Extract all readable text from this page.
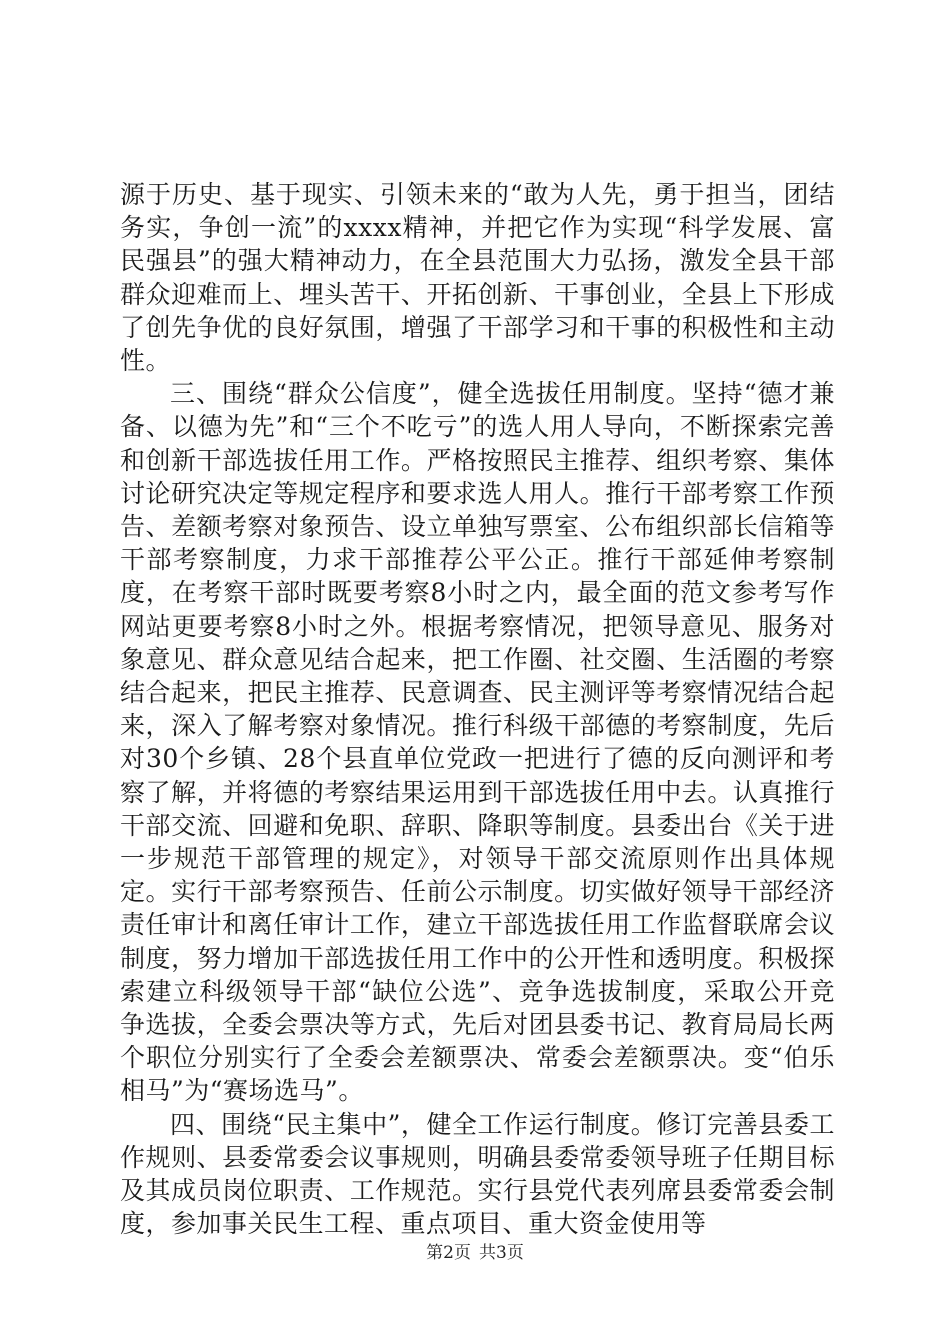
源于历史、基于现实、引领未来的“敢为人先，勇于担当，团结务实，争创一流”的xxxx精神，并把它作为实现“科学发展、富民强县”的强大精神动力，在全县范围大力弘扬，激发全县干部群众迎难而上、埋头苦干、开拓创新、干事创业，全县上下形成了创先争优的良好氛围，增强了干部学习和干事的积极性和主动性。

三、围绕“群众公信度”，健全选拔任用制度。坚持“德才兼备、以德为先”和“三个不吃亏”的选人用人导向，不断探索完善和创新干部选拔任用工作。严格按照民主推荐、组织考察、集体讨论研究决定等规定程序和要求选人用人。推行干部考察工作预告、差额考察对象预告、设立单独写票室、公布组织部长信箱等干部考察制度，力求干部推荐公平公正。推行干部延伸考察制度，在考察干部时既要考察8小时之内，最全面的范文参考写作网站更要考察8小时之外。根据考察情况，把领导意见、服务对象意见、群众意见结合起来，把工作圈、社交圈、生活圈的考察结合起来，把民主推荐、民意调查、民主测评等考察情况结合起来，深入了解考察对象情况。推行科级干部德的考察制度，先后对30个乡镇、28个县直单位党政一把进行了德的反向测评和考察了解，并将德的考察结果运用到干部选拔任用中去。认真推行干部交流、回避和免职、辞职、降职等制度。县委出台《关于进一步规范干部管理的规定》，对领导干部交流原则作出具体规定。实行干部考察预告、任前公示制度。切实做好领导干部经济责任审计和离任审计工作，建立干部选拔任用工作监督联席会议制度，努力增加干部选拔任用工作中的公开性和透明度。积极探索建立科级领导干部“缺位公选”、竞争选拔制度，采取公开竞争选拔，全委会票决等方式，先后对团县委书记、教育局局长两个职位分别实行了全委会差额票决、常委会差额票决。变“伯乐相马”为“赛场选马”。

四、围绕“民主集中”，健全工作运行制度。修订完善县委工作规则、县委常委会议事规则，明确县委常委领导班子任期目标及其成员岗位职责、工作规范。实行县党代表列席县委常委会制度，参加事关民生工程、重点项目、重大资金使用等

第2页 共3页
